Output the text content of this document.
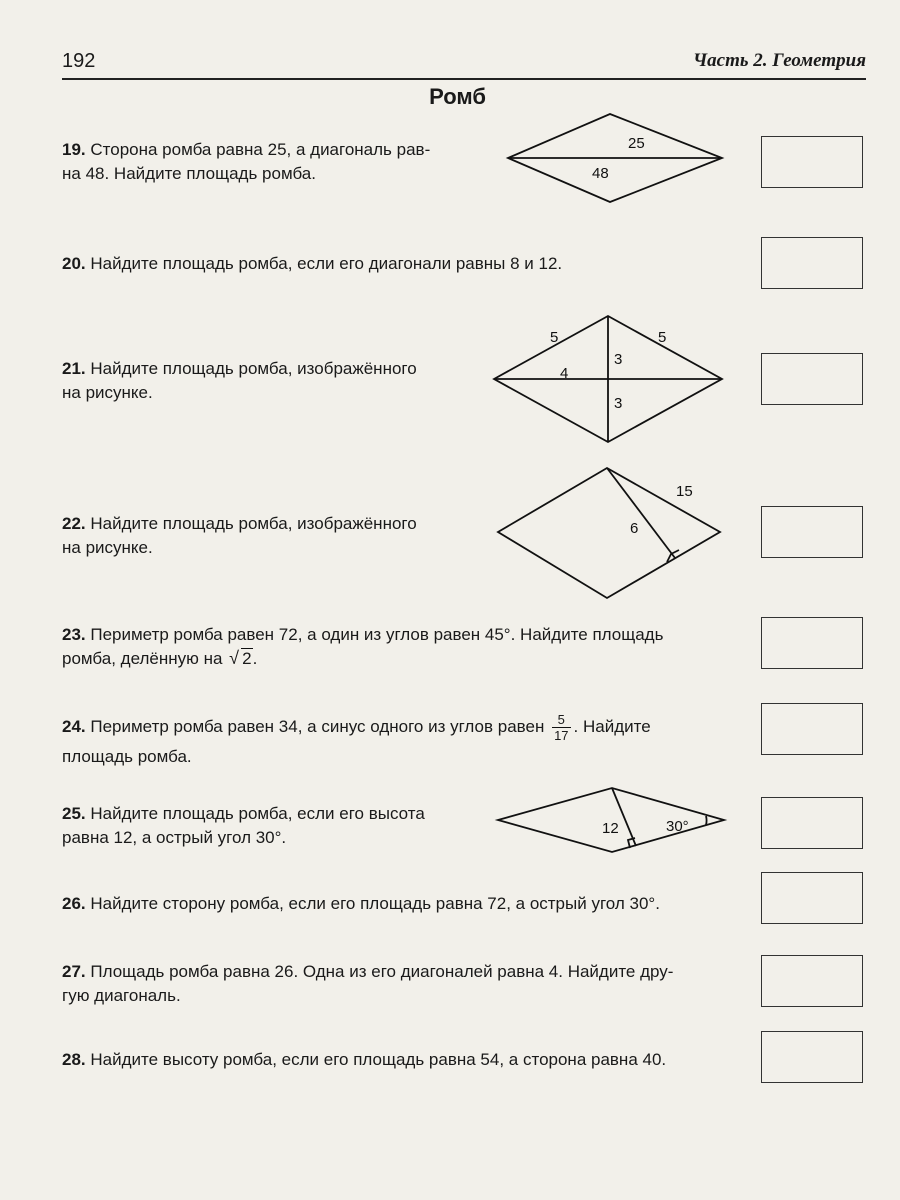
192	Часть 2. Геометрия
Ромб
19. Сторона ромба равна 25, а диагональ рав-
на 48. Найдите площадь ромба.
25
48
20. Найдите площадь ромба, если его диагонали равны 8 и 12.
21. Найдите площадь ромба, изображённого
на рисунке.
5	5
4
3
3
22. Найдите площадь ромба, изображённого
на рисунке.
15
6
23. Периметр ромба равен 72, а один из углов равен 45°. Найдите площадь
ромба, делённую на √ 2.
24. Периметр ромба равен 34, а синус одного из углов равен $\frac{5}{17}$ . Найдите
площадь ромба.
25. Найдите площадь ромба, если его высота
равна 12, а острый угол 30°.	12	30°
26. Найдите сторону ромба, если его площадь равна 72, а острый угол 30°.
27. Площадь ромба равна 26. Одна из его диагоналей равна 4. Найдите дру-
гую диагональ.
28. Найдите высоту ромба, если его площадь равна 54, а сторона равна 40.
